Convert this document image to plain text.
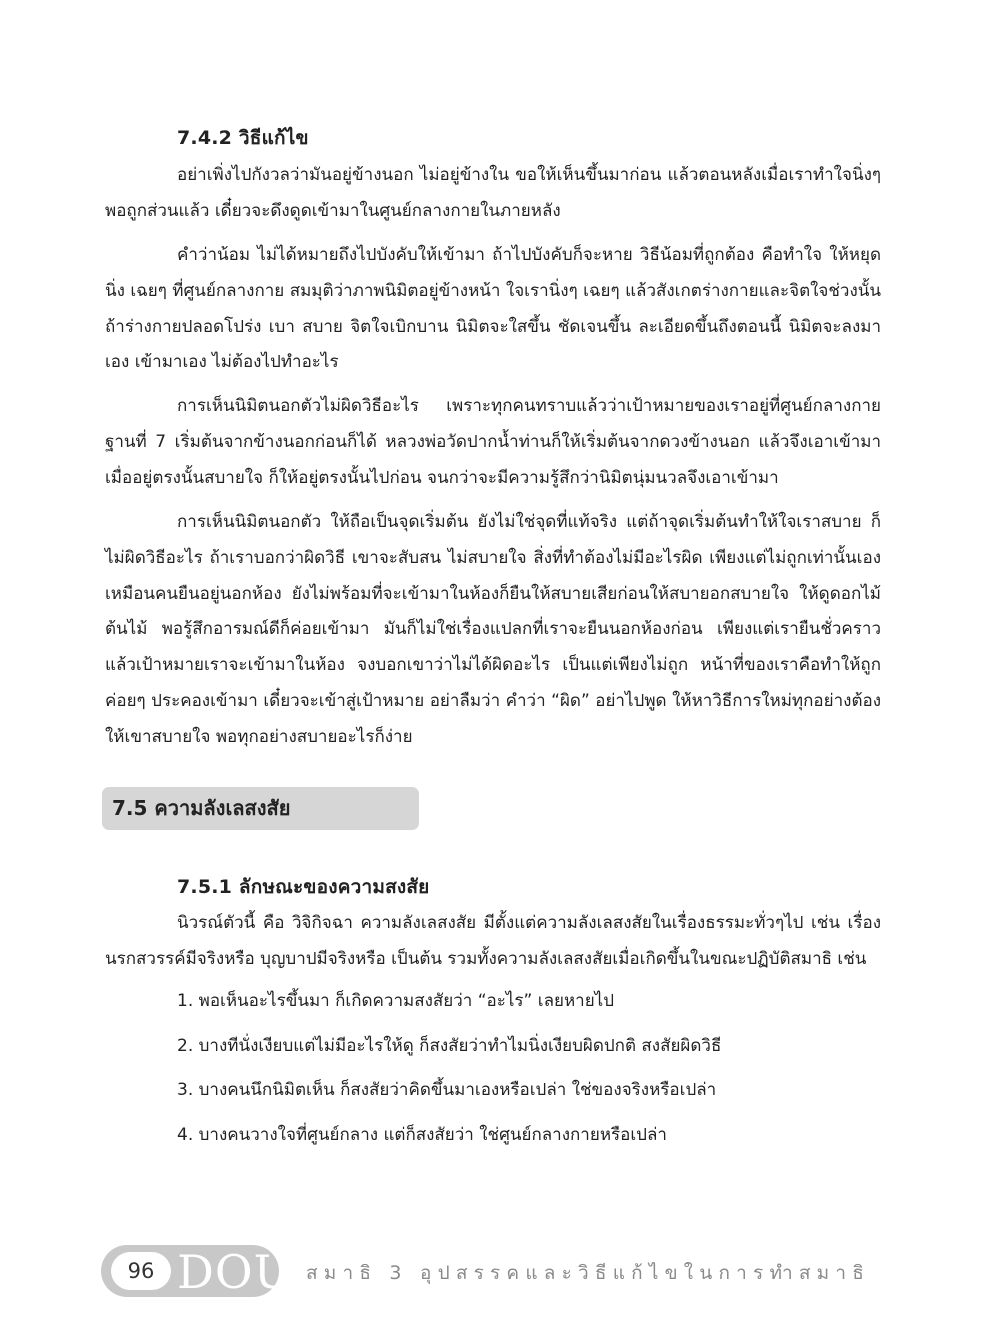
7.4.2 วิธีแก้ไข

อย่าเพิ่งไปกังวลว่ามันอยู่ข้างนอก ไม่อยู่ข้างใน ขอให้เห็นขึ้นมาก่อน แล้วตอนหลังเมื่อเราทำใจนิ่งๆ พอถูกส่วนแล้ว เดี๋ยวจะดึงดูดเข้ามาในศูนย์กลางกายในภายหลัง

คำว่าน้อม ไม่ได้หมายถึงไปบังคับให้เข้ามา ถ้าไปบังคับก็จะหาย วิธีน้อมที่ถูกต้อง คือทำใจ ให้หยุดนิ่ง เฉยๆ ที่ศูนย์กลางกาย สมมุติว่าภาพนิมิตอยู่ข้างหน้า ใจเรานิ่งๆ เฉยๆ แล้วสังเกตร่างกายและจิตใจช่วงนั้น ถ้าร่างกายปลอดโปร่ง เบา สบาย จิตใจเบิกบาน นิมิตจะใสขึ้น ชัดเจนขึ้น ละเอียดขึ้นถึงตอนนี้ นิมิตจะลงมาเอง เข้ามาเอง ไม่ต้องไปทำอะไร

การเห็นนิมิตนอกตัวไม่ผิดวิธีอะไร เพราะทุกคนทราบแล้วว่าเป้าหมายของเราอยู่ที่ศูนย์กลางกายฐานที่ 7 เริ่มต้นจากข้างนอกก่อนก็ได้ หลวงพ่อวัดปากน้ำท่านก็ให้เริ่มต้นจากดวงข้างนอก แล้วจึงเอาเข้ามา เมื่ออยู่ตรงนั้นสบายใจ ก็ให้อยู่ตรงนั้นไปก่อน จนกว่าจะมีความรู้สึกว่านิมิตนุ่มนวลจึงเอาเข้ามา

การเห็นนิมิตนอกตัว ให้ถือเป็นจุดเริ่มต้น ยังไม่ใช่จุดที่แท้จริง แต่ถ้าจุดเริ่มต้นทำให้ใจเราสบาย ก็ไม่ผิดวิธีอะไร ถ้าเราบอกว่าผิดวิธี เขาจะสับสน ไม่สบายใจ สิ่งที่ทำต้องไม่มีอะไรผิด เพียงแต่ไม่ถูกเท่านั้นเอง เหมือนคนยืนอยู่นอกห้อง ยังไม่พร้อมที่จะเข้ามาในห้องก็ยืนให้สบายเสียก่อนให้สบายอกสบายใจ ให้ดูดอกไม้ ต้นไม้ พอรู้สึกอารมณ์ดีก็ค่อยเข้ามา มันก็ไม่ใช่เรื่องแปลกที่เราจะยืนนอกห้องก่อน เพียงแต่เรายืนชั่วคราว แล้วเป้าหมายเราจะเข้ามาในห้อง จงบอกเขาว่าไม่ได้ผิดอะไร เป็นแต่เพียงไม่ถูก หน้าที่ของเราคือทำให้ถูก ค่อยๆ ประคองเข้ามา เดี๋ยวจะเข้าสู่เป้าหมาย อย่าลืมว่า คำว่า “ผิด” อย่าไปพูด ให้หาวิธีการใหม่ทุกอย่างต้องให้เขาสบายใจ พอทุกอย่างสบายอะไรก็ง่าย

7.5 ความลังเลสงสัย
7.5.1 ลักษณะของความสงสัย

นิวรณ์ตัวนี้ คือ วิจิกิจฉา ความลังเลสงสัย มีตั้งแต่ความลังเลสงสัยในเรื่องธรรมะทั่วๆไป เช่น เรื่องนรกสวรรค์มีจริงหรือ บุญบาปมีจริงหรือ เป็นต้น รวมทั้งความลังเลสงสัยเมื่อเกิดขึ้นในขณะปฏิบัติสมาธิ เช่น

1. พอเห็นอะไรขึ้นมา ก็เกิดความสงสัยว่า “อะไร” เลยหายไป
2. บางทีนั่งเงียบแต่ไม่มีอะไรให้ดู ก็สงสัยว่าทำไมนิ่งเงียบผิดปกติ สงสัยผิดวิธี
3. บางคนนึกนิมิตเห็น ก็สงสัยว่าคิดขึ้นมาเองหรือเปล่า ใช่ของจริงหรือเปล่า
4. บางคนวางใจที่ศูนย์กลาง แต่ก็สงสัยว่า ใช่ศูนย์กลางกายหรือเปล่า
96 DOU สมาธิ 3 อุปสรรคและวิธีแก้ไขในการทำสมาธิ
